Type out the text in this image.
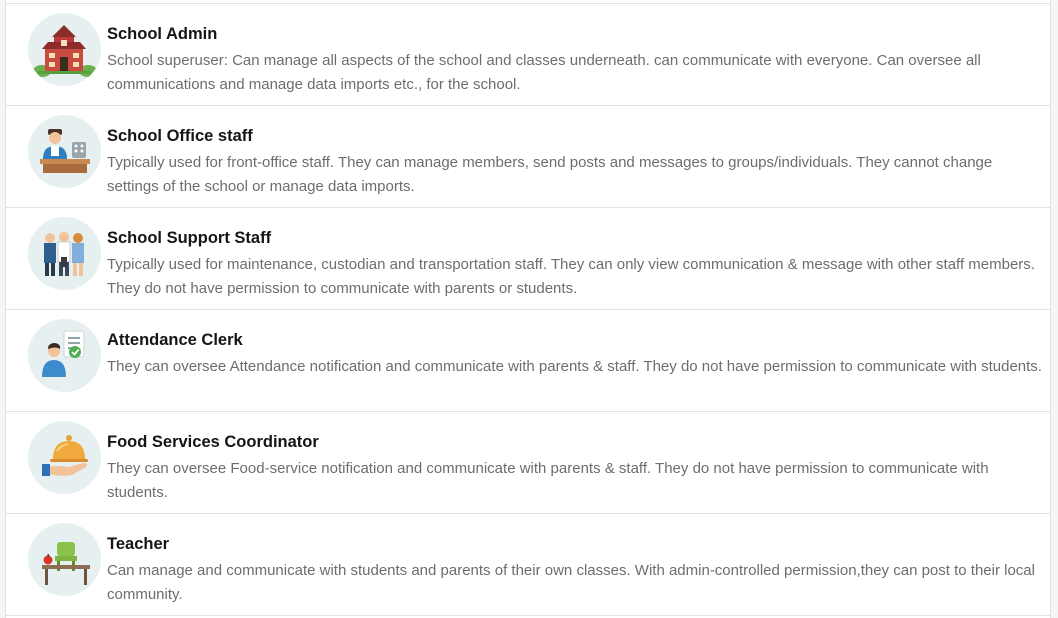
School Admin
School superuser: Can manage all aspects of the school and classes underneath. can communicate with everyone. Can oversee all communications and manage data imports etc., for the school.
School Office staff
Typically used for front-office staff. They can manage members, send posts and messages to groups/individuals. They cannot change settings of the school or manage data imports.
School Support Staff
Typically used for maintenance, custodian and transportation staff. They can only view communication & message with other staff members. They do not have permission to communicate with parents or students.
Attendance Clerk
They can oversee Attendance notification and communicate with parents & staff. They do not have permission to communicate with students.
Food Services Coordinator
They can oversee Food-service notification and communicate with parents & staff. They do not have permission to communicate with students.
Teacher
Can manage and communicate with students and parents of their own classes. With admin-controlled permission,they can post to their local community.
